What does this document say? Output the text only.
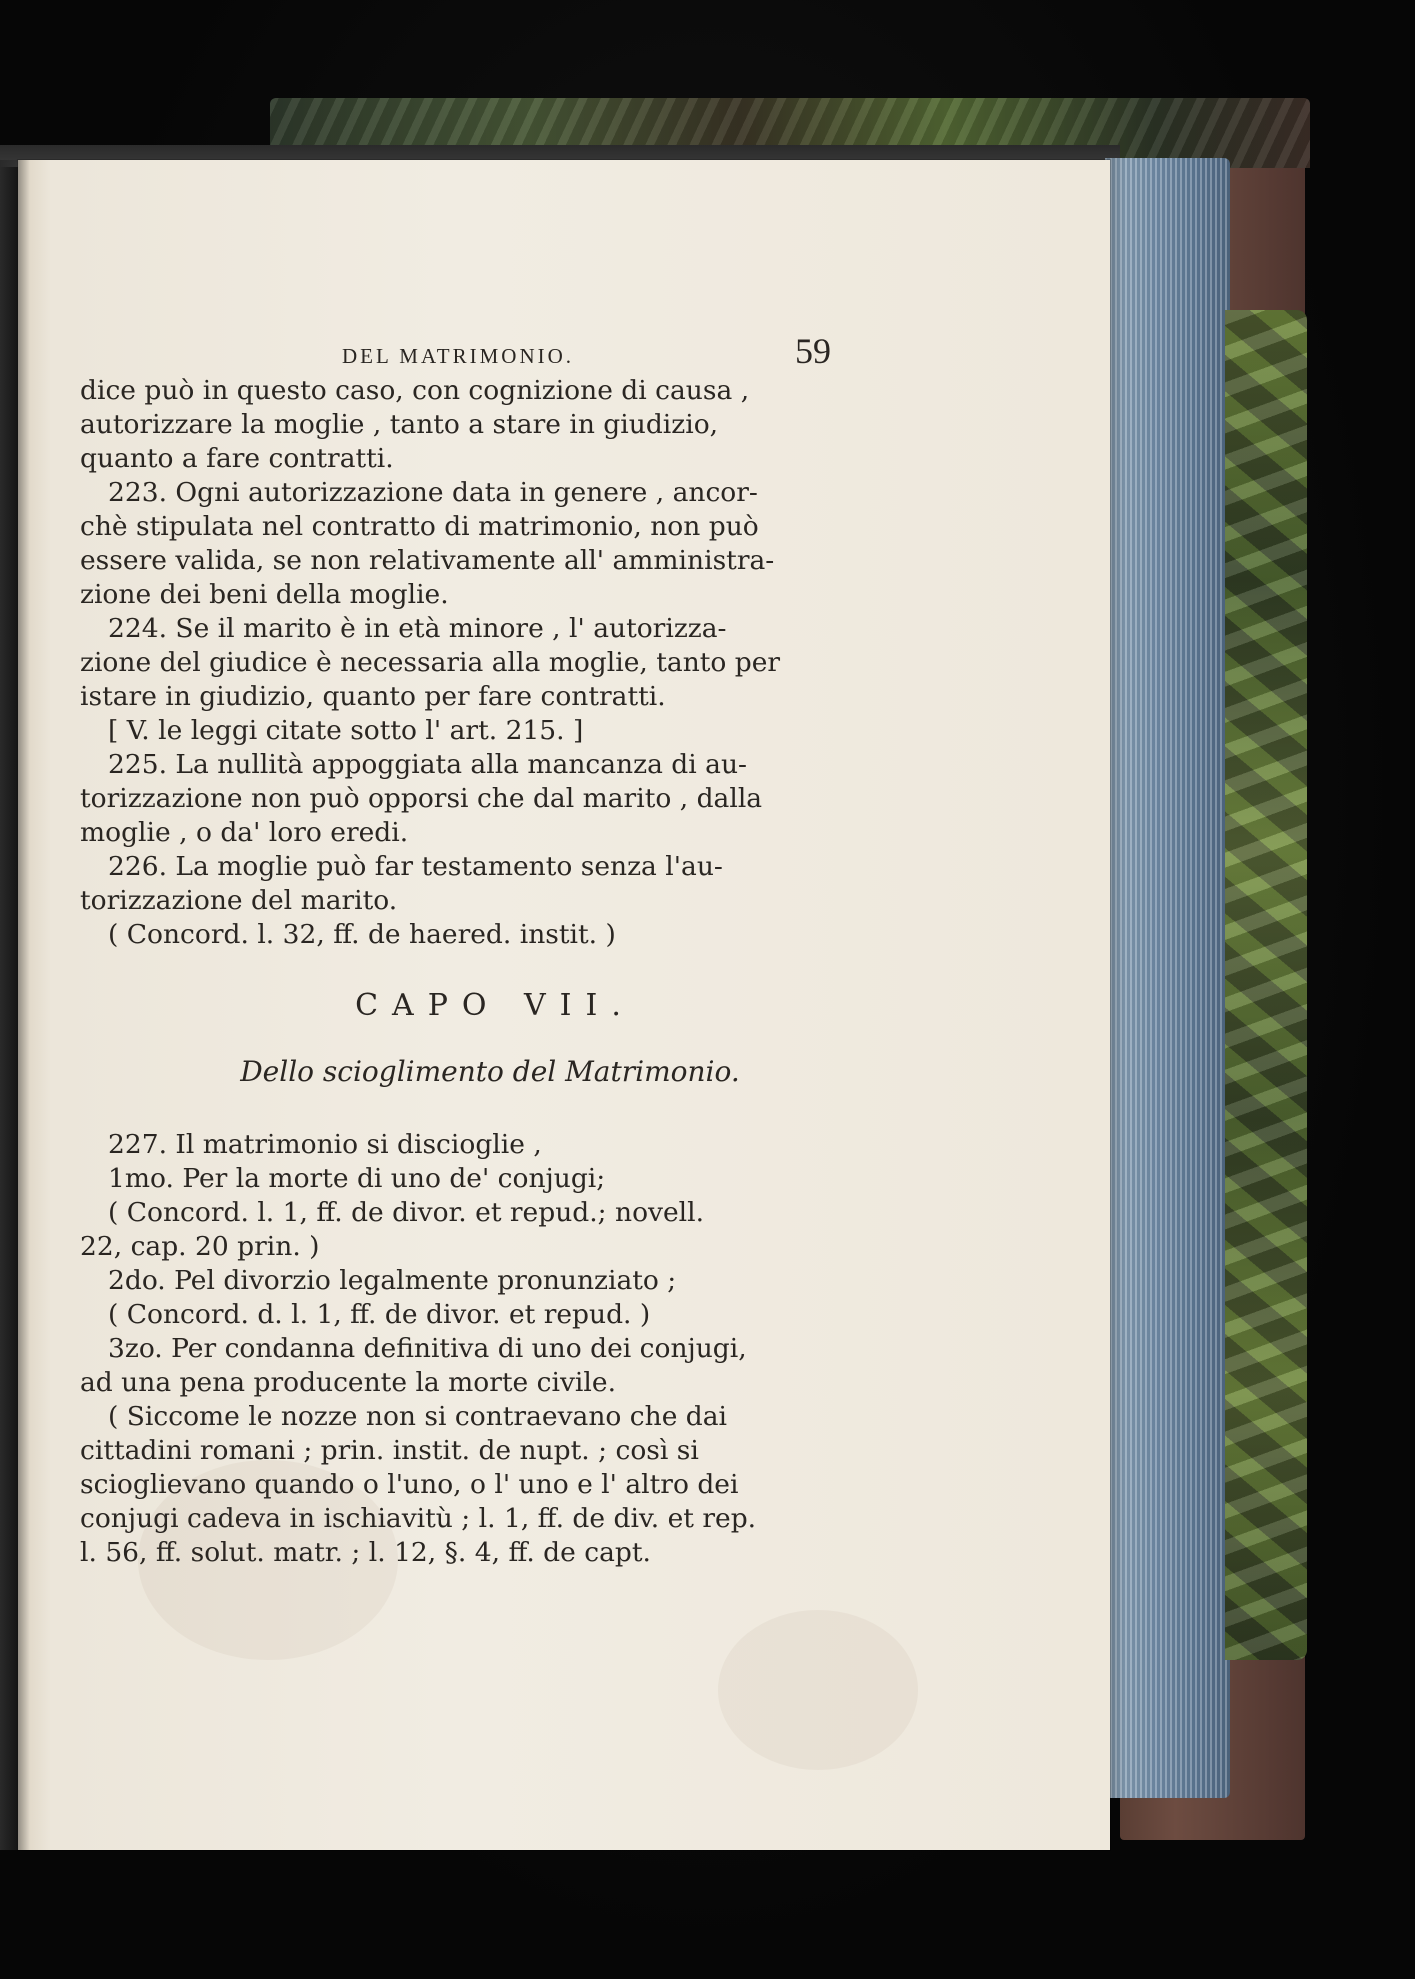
DEL MATRIMONIO.	59

dice può in questo caso, con cognizione di causa ,
autorizzare la moglie , tanto a stare in giudizio,
quanto a fare contratti.

223. Ogni autorizzazione data in genere , ancor-
chè stipulata nel contratto di matrimonio, non può
essere valida, se non relativamente all' amministra-
zione dei beni della moglie.

224. Se il marito è in età minore , l' autorizza-
zione del giudice è necessaria alla moglie, tanto per
istare in giudizio, quanto per fare contratti.

[ V. le leggi citate sotto l' art. 215. ]

225. La nullità appoggiata alla mancanza di au-
torizzazione non può opporsi che dal marito , dalla
moglie , o da' loro eredi.

226. La moglie può far testamento senza l'au-
torizzazione del marito.

( Concord. l. 32, ff. de haered. instit. )

CAPO VII.
Dello scioglimento del Matrimonio.

227. Il matrimonio si discioglie ,
1mo. Per la morte di uno de' conjugi;
( Concord. l. 1, ff. de divor. et repud.; novell.
22, cap. 20 prin. )
2do. Pel divorzio legalmente pronunziato ;
( Concord. d. l. 1, ff. de divor. et repud. )
3zo. Per condanna definitiva di uno dei conjugi,
ad una pena producente la morte civile.

( Siccome le nozze non si contraevano che dai
cittadini romani ; prin. instit. de nupt. ; così si
scioglievano quando o l'uno, o l' uno e l' altro dei
conjugi cadeva in ischiavitù ; l. 1, ff. de div. et rep.
l. 56, ff. solut. matr. ; l. 12, §. 4, ff. de capt.
